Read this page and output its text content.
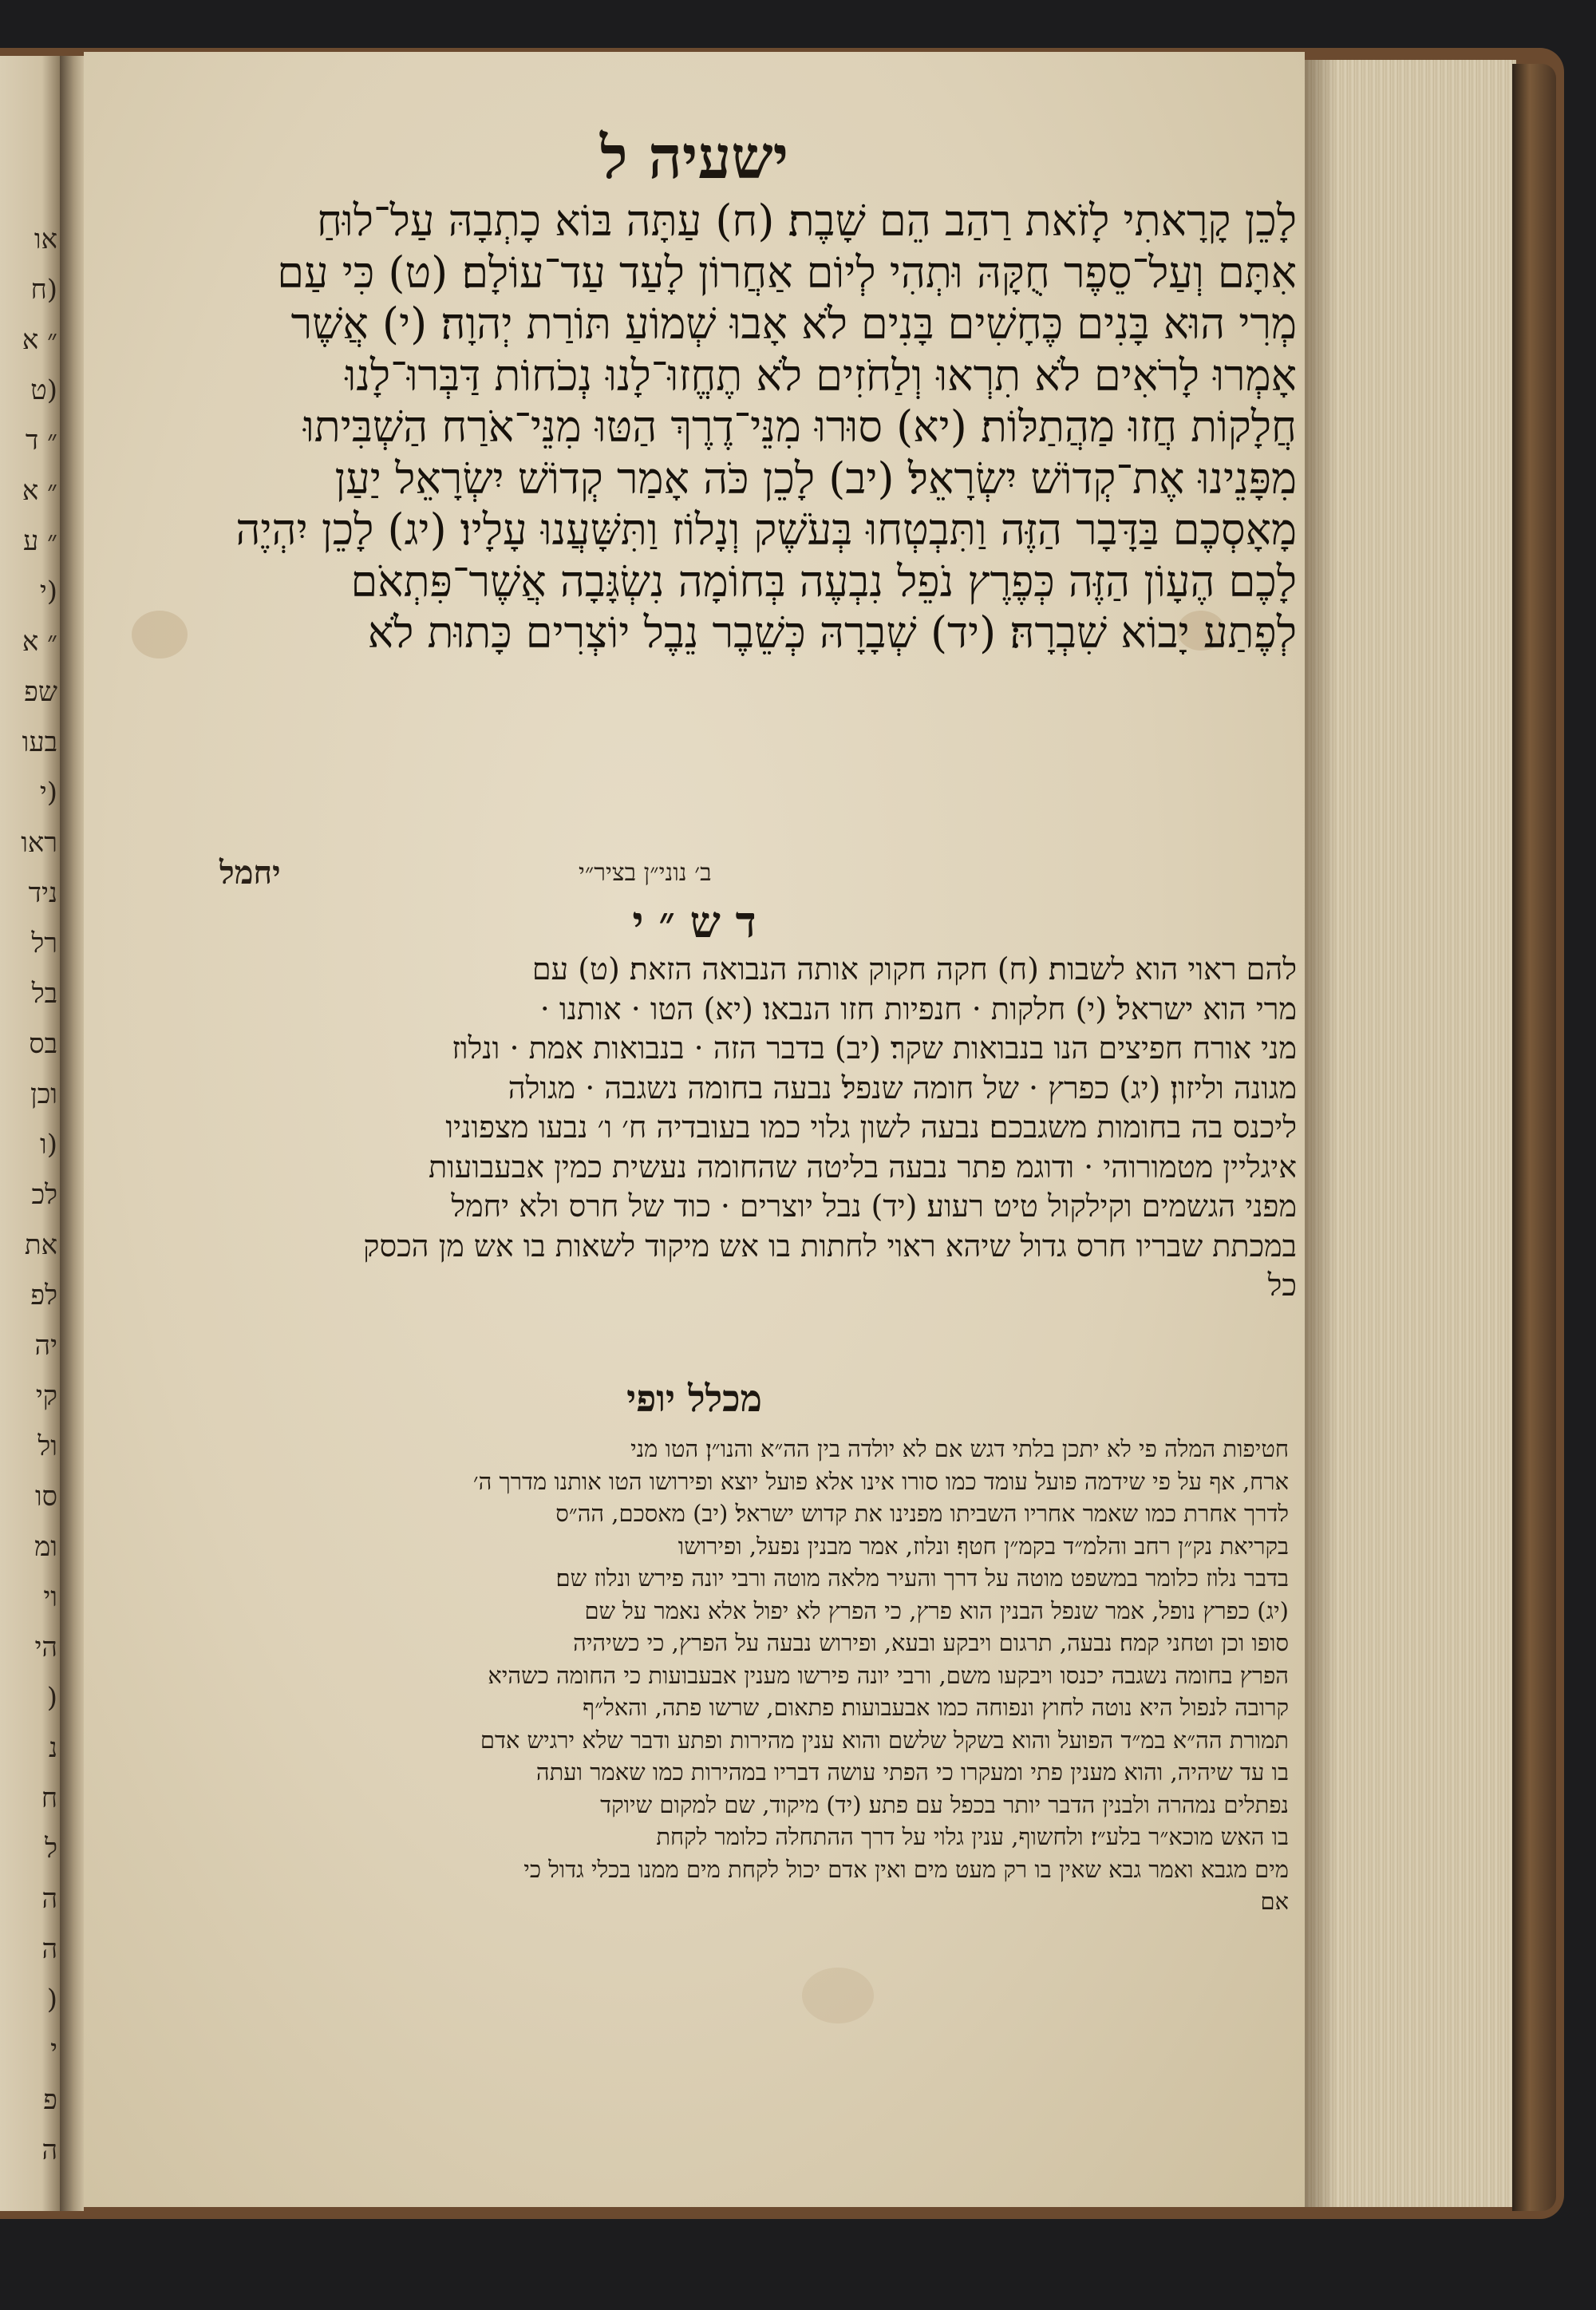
או
(ח
״ א
(ט
״ ד
״ א
״ ע
(י
״ א
שפ
בעו
(י
ראו
ניד
רל
בל
בס
וכן
(ו
לכ
את
לפ
יה
קי
ול
סו
ומ
וי
הי
(
נ
ח
ל
ה
ה
(
י
פ
ה
ישעיה ל
לָכֵן קָרָאתִי לָזֹאת רַהַב הֵם שָׁבֶת׃ (ח) עַתָּה בּוֹא כָתְבָהּ עַל־לוּחַ
אִתָּם וְעַל־סֵפֶר חֻקָּהּ וּתְהִי לְיוֹם אַחֲרוֹן לָעַד עַד־עוֹלָם׃ (ט) כִּי עַם
מְרִי הוּא בָּנִים כֶּחָשִׁים בָּנִים לֹא אָבוּ שְׁמוֹעַ תּוֹרַת יְהוָה׃ (י) אֲשֶׁר
אָמְרוּ לָרֹאִים לֹא תִרְאוּ וְלַחֹזִים לֹא תֶחֱזוּ־לָנוּ נְכֹחוֹת דַּבְּרוּ־לָנוּ
חֲלָקוֹת חֲזוּ מַהֲתַלּוֹת׃ (יא) סוּרוּ מִנֵּי־דֶרֶךְ הַטּוּ מִנֵּי־אֹרַח הַשְׁבִּיתוּ
מִפָּנֵינוּ אֶת־קְדוֹשׁ יִשְׂרָאֵל׃ (יב) לָכֵן כֹּה אָמַר קְדוֹשׁ יִשְׂרָאֵל יַעַן
מָאָסְכֶם בַּדָּבָר הַזֶּה וַתִּבְטְחוּ בְּעֹשֶׁק וְנָלוֹז וַתִּשָּׁעֲנוּ עָלָיו׃ (יג) לָכֵן יִהְיֶה
לָכֶם הֶעָוֹן הַזֶּה כְּפֶרֶץ נֹפֵל נִבְעֶה בְּחוֹמָה נִשְׂגָּבָה אֲשֶׁר־פִּתְאֹם
לְפֶתַע יָבוֹא שִׁבְרָהּ׃ (יד) שְׁבָרָהּ כְּשֵׁבֶר נֵבֶל יוֹצְרִים כָּתוּת לֹא
יחמל	ב׳ נוני״ן בציר״י
ד ש ״ י
להם ראוי הוא לשבות׃ (ח) חקה חקוק אותה הנבואה הזאת׃ (ט) עם
מרי הוא ישראל׃ (י) חלקות · חנפיות חזו הנבאו׃ (יא) הטו · אותנו ·
מני אורח חפיצים הנו בנבואות שקר׃ (יב) בדבר הזה · בנבואות אמת · ונלוז
מגונה וליזון׃ (יג) כפרץ · של חומה שנפל׃ נבעה בחומה נשגבה · מגולה
ליכנס בה בחומות משגבכם׃ נבעה לשון גלוי כמו בעובדיה ח׳ ו׳ נבעו מצפוניו
איגליין מטמורוהי · ודוגמ פתר נבעה בליטה שהחומה נעשית כמין אבעבועות
מפני הגשמים וקילקול טיט רעוע׃ (יד) נבל יוצרים · כוד של חרס ולא יחמל
במכתת שבריו חרס גדול שיהא ראוי לחתות בו אש מיקוד לשאות בו אש מן הכסק
כל
מכלל יופי
חטיפות המלה פי לא יתכן בלתי דגש אם לא יולדה בין הה״א והנו״ן׃ הטו מני
ארח, אף על פי שידמה פועל עומד כמו סורו אינו אלא פועל יוצא ופירושו הטו אותנו מדרך ה׳
לדרך אחרת כמו שאמר אחריו השביתו מפנינו את קדוש ישראל׃ (יב) מאסכם, הה״ס
בקריאת נק״ן רחב והלמ״ד בקמ״ן חטף׃ ונלוז, אמר מבנין נפעל, ופירושו
בדבר נלוז כלומר במשפט מוטה על דרך והעיר מלאה מוטה ורבי יונה פירש ונלוז שם׃
(יג) כפרץ נופל, אמר שנפל הבנין הוא פרץ, כי הפרץ לא יפול אלא נאמר על שם
סופו וכן וטחני קמח׃ נבעה, תרגום ויבקע ובעא, ופירוש נבעה על הפרץ, כי כשיהיה
הפרץ בחומה נשגבה יכנסו ויבקעו משם, ורבי יונה פירשו מענין אבעבועות כי החומה כשהיא
קרובה לנפול היא נוטה לחוץ ונפוחה כמו אבעבועות׃ פתאום, שרשו פתה, והאל״ף
תמורת הה״א במ״ד הפועל והוא בשקל שלשם והוא ענין מהירות ופתע ודבר שלא ירגיש אדם
בו עד שיהיה, והוא מענין פתי ומעקרו כי הפתי עושה דבריו במהירות כמו שאמר ועתה
נפתלים נמהרה ולבנין הדבר יותר בכפל עם פתע׃ (יד) מיקוד, שם למקום שיוקד
בו האש מוכא״ר בלע״ז׃ ולחשוף, ענין גלוי על דרך ההתחלה כלומר לקחת
מים מגבא ואמר גבא שאין בו רק מעט מים ואין אדם יכול לקחת מים ממנו בכלי גדול כי
אם
